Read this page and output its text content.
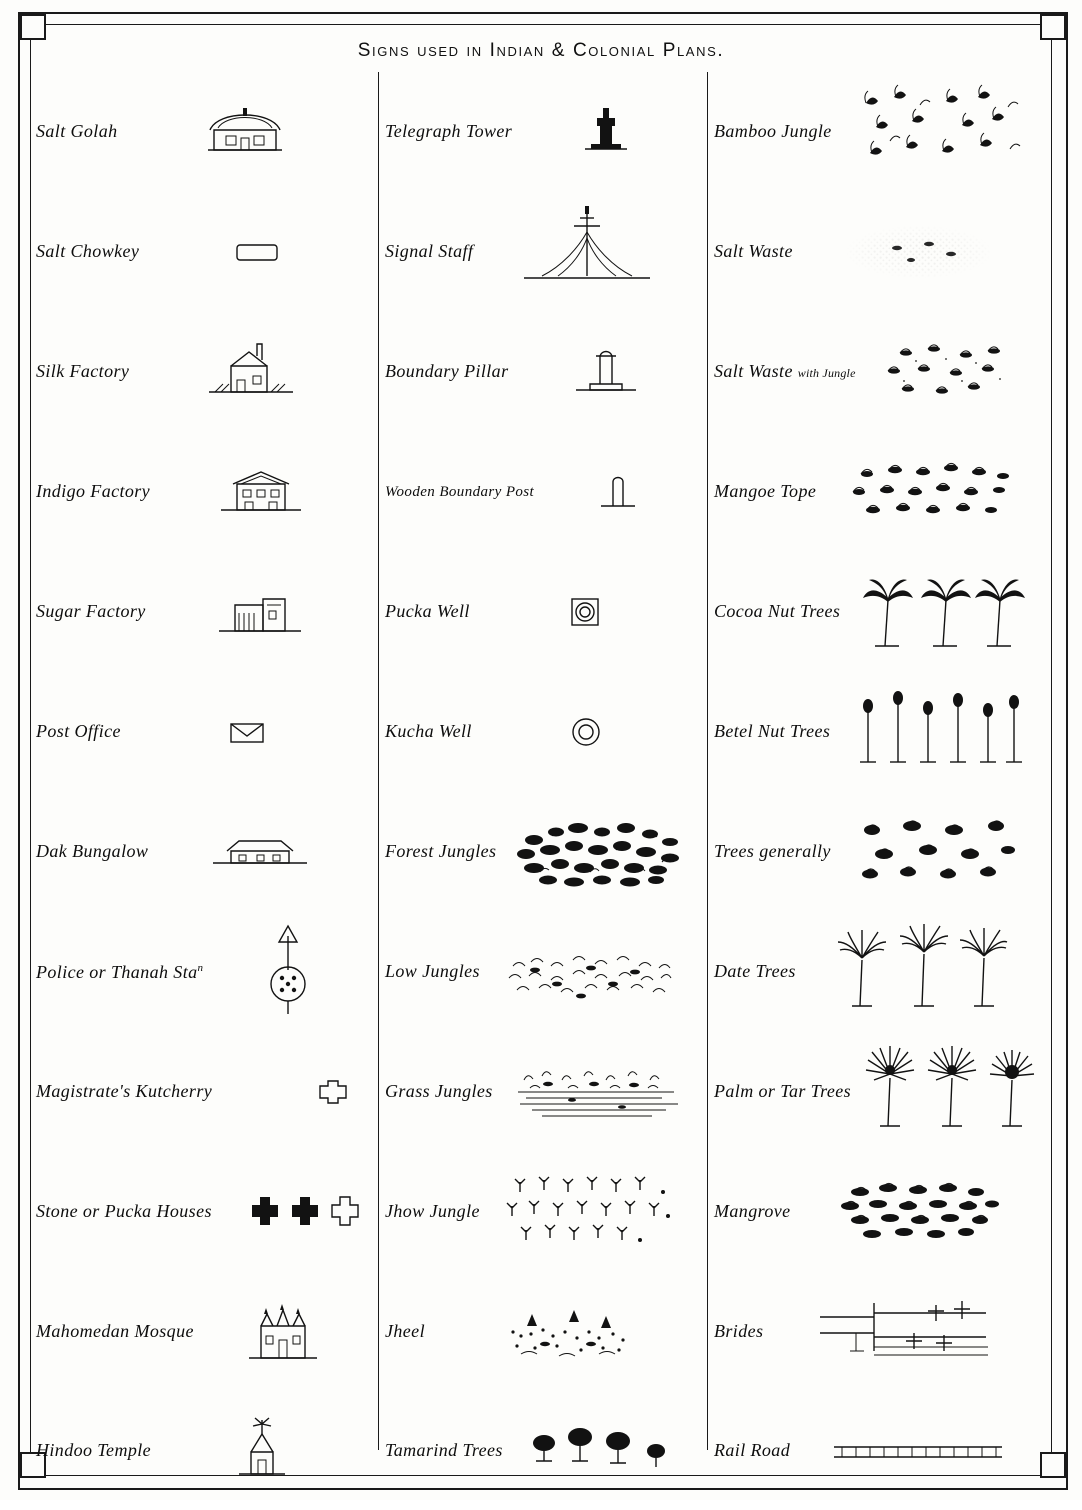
Signs used in Indian & Colonial Plans.
Salt Golah
Salt Chowkey
Silk Factory
Indigo Factory
Sugar Factory
Post Office
Dak Bungalow
Police or Thanah Sta$^n$
Magistrate's Kutcherry
Stone or Pucka Houses
Mahomedan Mosque
Hindoo Temple
Telegraph Tower
Signal Staff
Boundary Pillar
Wooden Boundary Post
Pucka Well
Kucha Well
Forest Jungles
Low Jungles
Grass Jungles
Jhow Jungle
Jheel
Tamarind Trees
Bamboo Jungle
Salt Waste
Salt Waste with Jungle
Mangoe Tope
Cocoa Nut Trees
Betel Nut Trees
Trees generally
Date Trees
Palm or Tar Trees
Mangrove
Brides
Rail Road
